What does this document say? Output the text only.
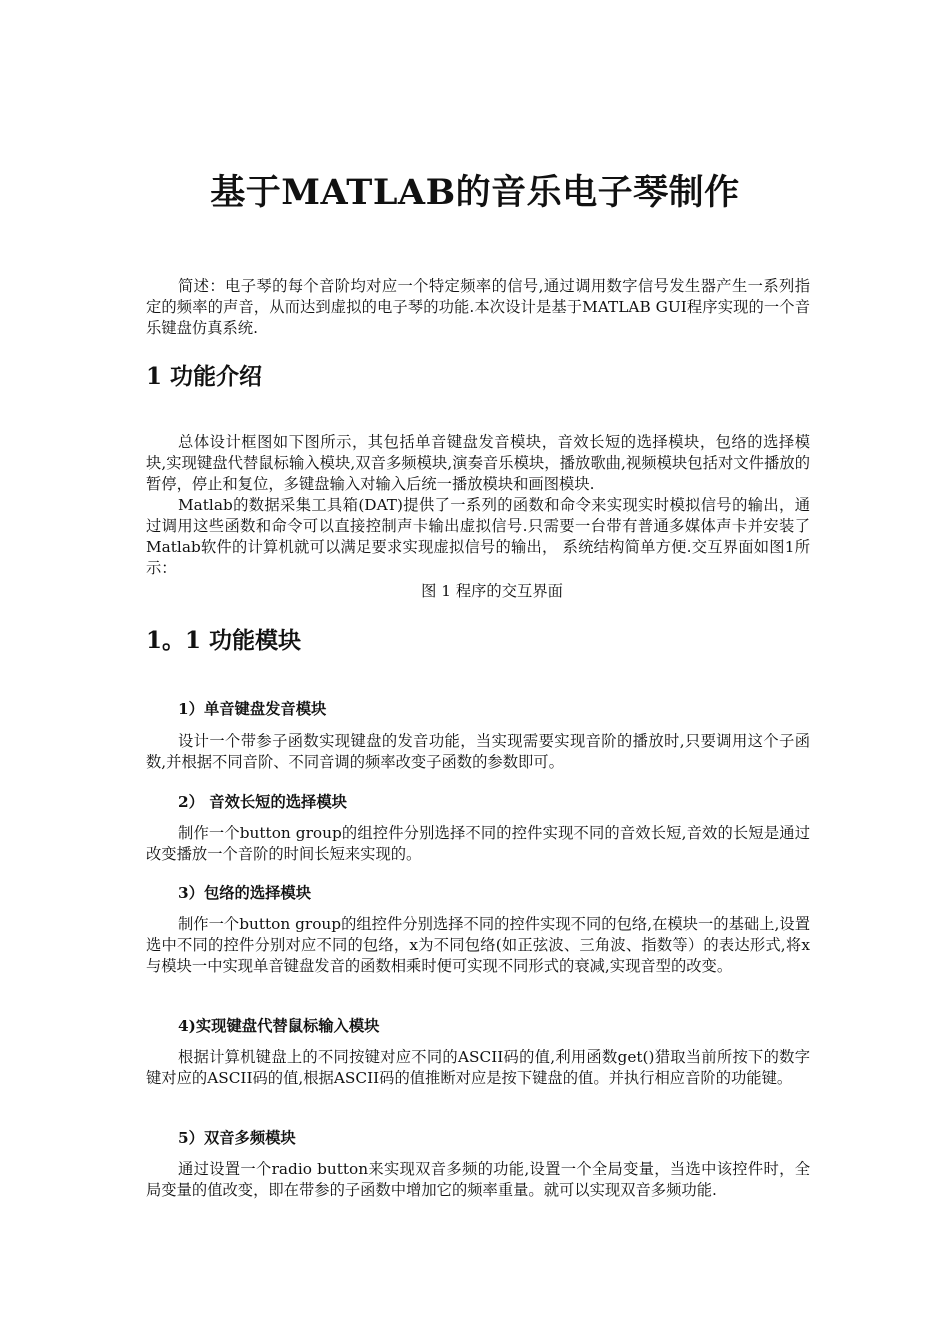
基于MATLAB的音乐电子琴制作

简述：电子琴的每个音阶均对应一个特定频率的信号,通过调用数字信号发生器产生一系列指定的频率的声音，从而达到虚拟的电子琴的功能.本次设计是基于MATLAB GUI程序实现的一个音乐键盘仿真系统.

1 功能介绍

总体设计框图如下图所示，其包括单音键盘发音模块，音效长短的选择模块，包络的选择模块,实现键盘代替鼠标输入模块,双音多频模块,演奏音乐模块，播放歌曲,视频模块包括对文件播放的暂停，停止和复位，多键盘输入对输入后统一播放模块和画图模块.

Matlab的数据采集工具箱(DAT)提供了一系列的函数和命令来实现实时模拟信号的输出，通过调用这些函数和命令可以直接控制声卡输出虚拟信号.只需要一台带有普通多媒体声卡并安装了Matlab软件的计算机就可以满足要求实现虚拟信号的输出， 系统结构简单方便.交互界面如图1所示：

图 1 程序的交互界面

1。1 功能模块
1）单音键盘发音模块

设计一个带参子函数实现键盘的发音功能，当实现需要实现音阶的播放时,只要调用这个子函数,并根据不同音阶、不同音调的频率改变子函数的参数即可。

2） 音效长短的选择模块

制作一个button group的组控件分别选择不同的控件实现不同的音效长短,音效的长短是通过改变播放一个音阶的时间长短来实现的。

3）包络的选择模块

制作一个button group的组控件分别选择不同的控件实现不同的包络,在模块一的基础上,设置选中不同的控件分别对应不同的包络，x为不同包络(如正弦波、三角波、指数等）的表达形式,将x与模块一中实现单音键盘发音的函数相乘时便可实现不同形式的衰减,实现音型的改变。

4)实现键盘代替鼠标输入模块

根据计算机键盘上的不同按键对应不同的ASCII码的值,利用函数get()猎取当前所按下的数字键对应的ASCII码的值,根据ASCII码的值推断对应是按下键盘的值。并执行相应音阶的功能键。

5）双音多频模块

通过设置一个radio button来实现双音多频的功能,设置一个全局变量，当选中该控件时，全局变量的值改变，即在带参的子函数中增加它的频率重量。就可以实现双音多频功能.
